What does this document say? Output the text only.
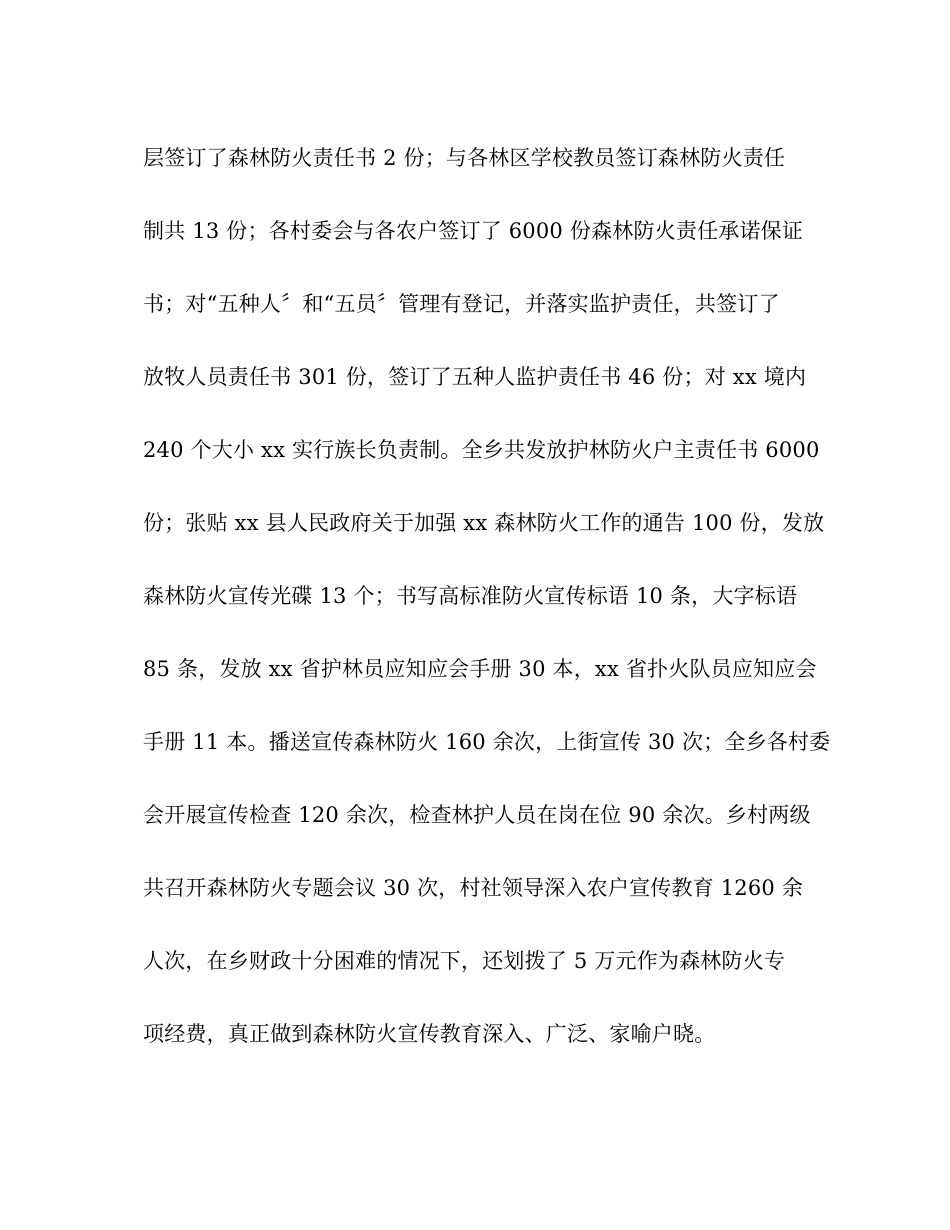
层签订了森林防火责任书 2 份；与各林区学校教员签订森林防火责任
制共 13 份；各村委会与各农户签订了 6000 份森林防火责任承诺保证
书；对“五种人〞和“五员〞管理有登记，并落实监护责任，共签订了
放牧人员责任书 301 份，签订了五种人监护责任书 46 份；对 xx 境内
240 个大小 xx 实行族长负责制。全乡共发放护林防火户主责任书 6000
份；张贴 xx 县人民政府关于加强 xx 森林防火工作的通告 100 份，发放
森林防火宣传光碟 13 个；书写高标准防火宣传标语 10 条，大字标语
85 条，发放 xx 省护林员应知应会手册 30 本，xx 省扑火队员应知应会
手册 11 本。播送宣传森林防火 160 余次，上街宣传 30 次；全乡各村委
会开展宣传检查 120 余次，检查林护人员在岗在位 90 余次。乡村两级
共召开森林防火专题会议 30 次，村社领导深入农户宣传教育 1260 余
人次，在乡财政十分困难的情况下，还划拨了 5 万元作为森林防火专
项经费，真正做到森林防火宣传教育深入、广泛、家喻户晓。
